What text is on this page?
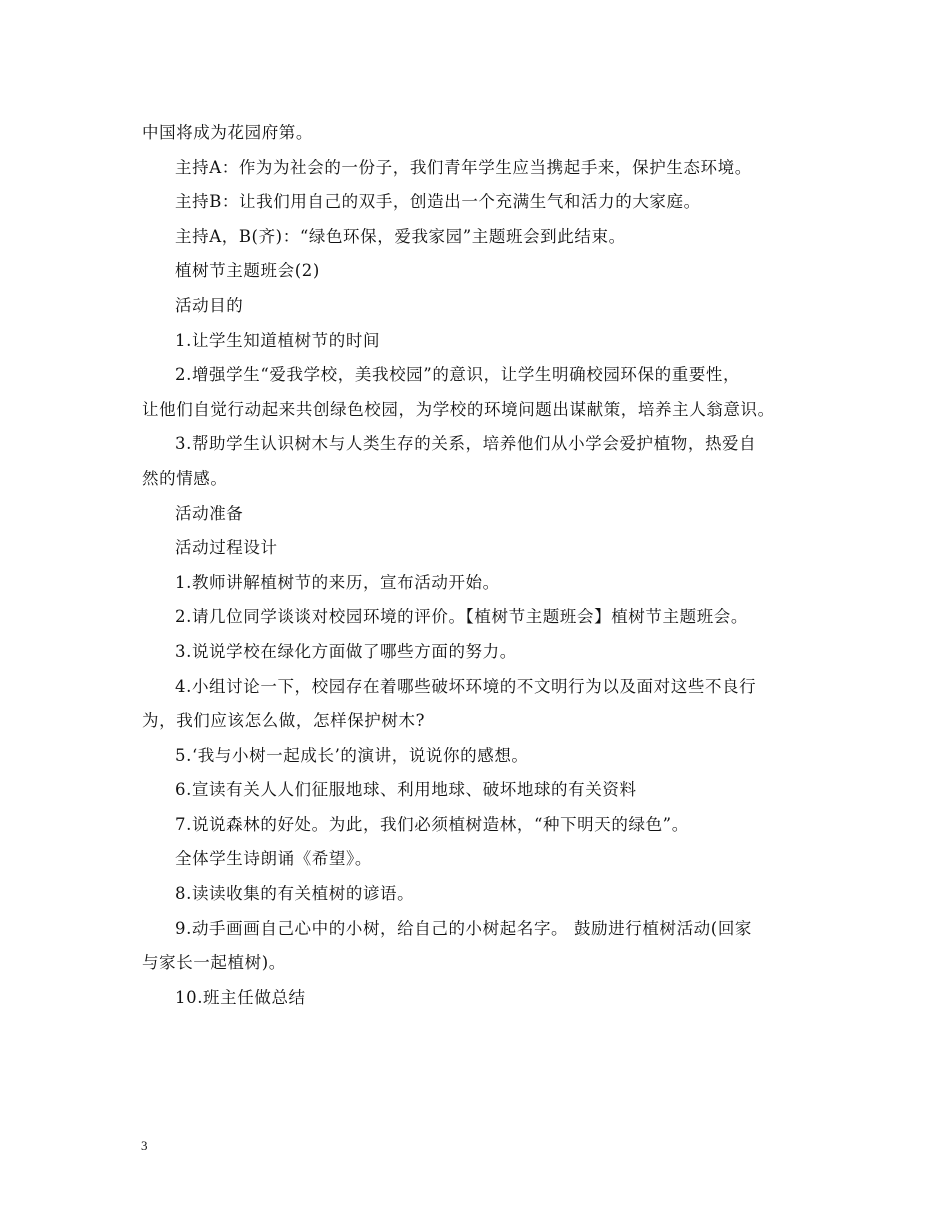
中国将成为花园府第。

主持A：作为为社会的一份子，我们青年学生应当携起手来，保护生态环境。

主持B：让我们用自己的双手，创造出一个充满生气和活力的大家庭。

主持A，B(齐)：“绿色环保，爱我家园”主题班会到此结束。

植树节主题班会(2)

活动目的

1.让学生知道植树节的时间

2.增强学生“爱我学校，美我校园”的意识，让学生明确校园环保的重要性，

让他们自觉行动起来共创绿色校园，为学校的环境问题出谋献策，培养主人翁意识。

3.帮助学生认识树木与人类生存的关系，培养他们从小学会爱护植物，热爱自

然的情感。

活动准备

活动过程设计

1.教师讲解植树节的来历，宣布活动开始。

2.请几位同学谈谈对校园环境的评价。【植树节主题班会】植树节主题班会。

3.说说学校在绿化方面做了哪些方面的努力。

4.小组讨论一下，校园存在着哪些破坏环境的不文明行为以及面对这些不良行

为，我们应该怎么做，怎样保护树木?

5.‘我与小树一起成长’的演讲，说说你的感想。

6.宣读有关人人们征服地球、利用地球、破坏地球的有关资料

7.说说森林的好处。为此，我们必须植树造林，“种下明天的绿色”。

全体学生诗朗诵《希望》。

8.读读收集的有关植树的谚语。

9.动手画画自己心中的小树，给自己的小树起名字。 鼓励进行植树活动(回家

与家长一起植树)。

10.班主任做总结

3
